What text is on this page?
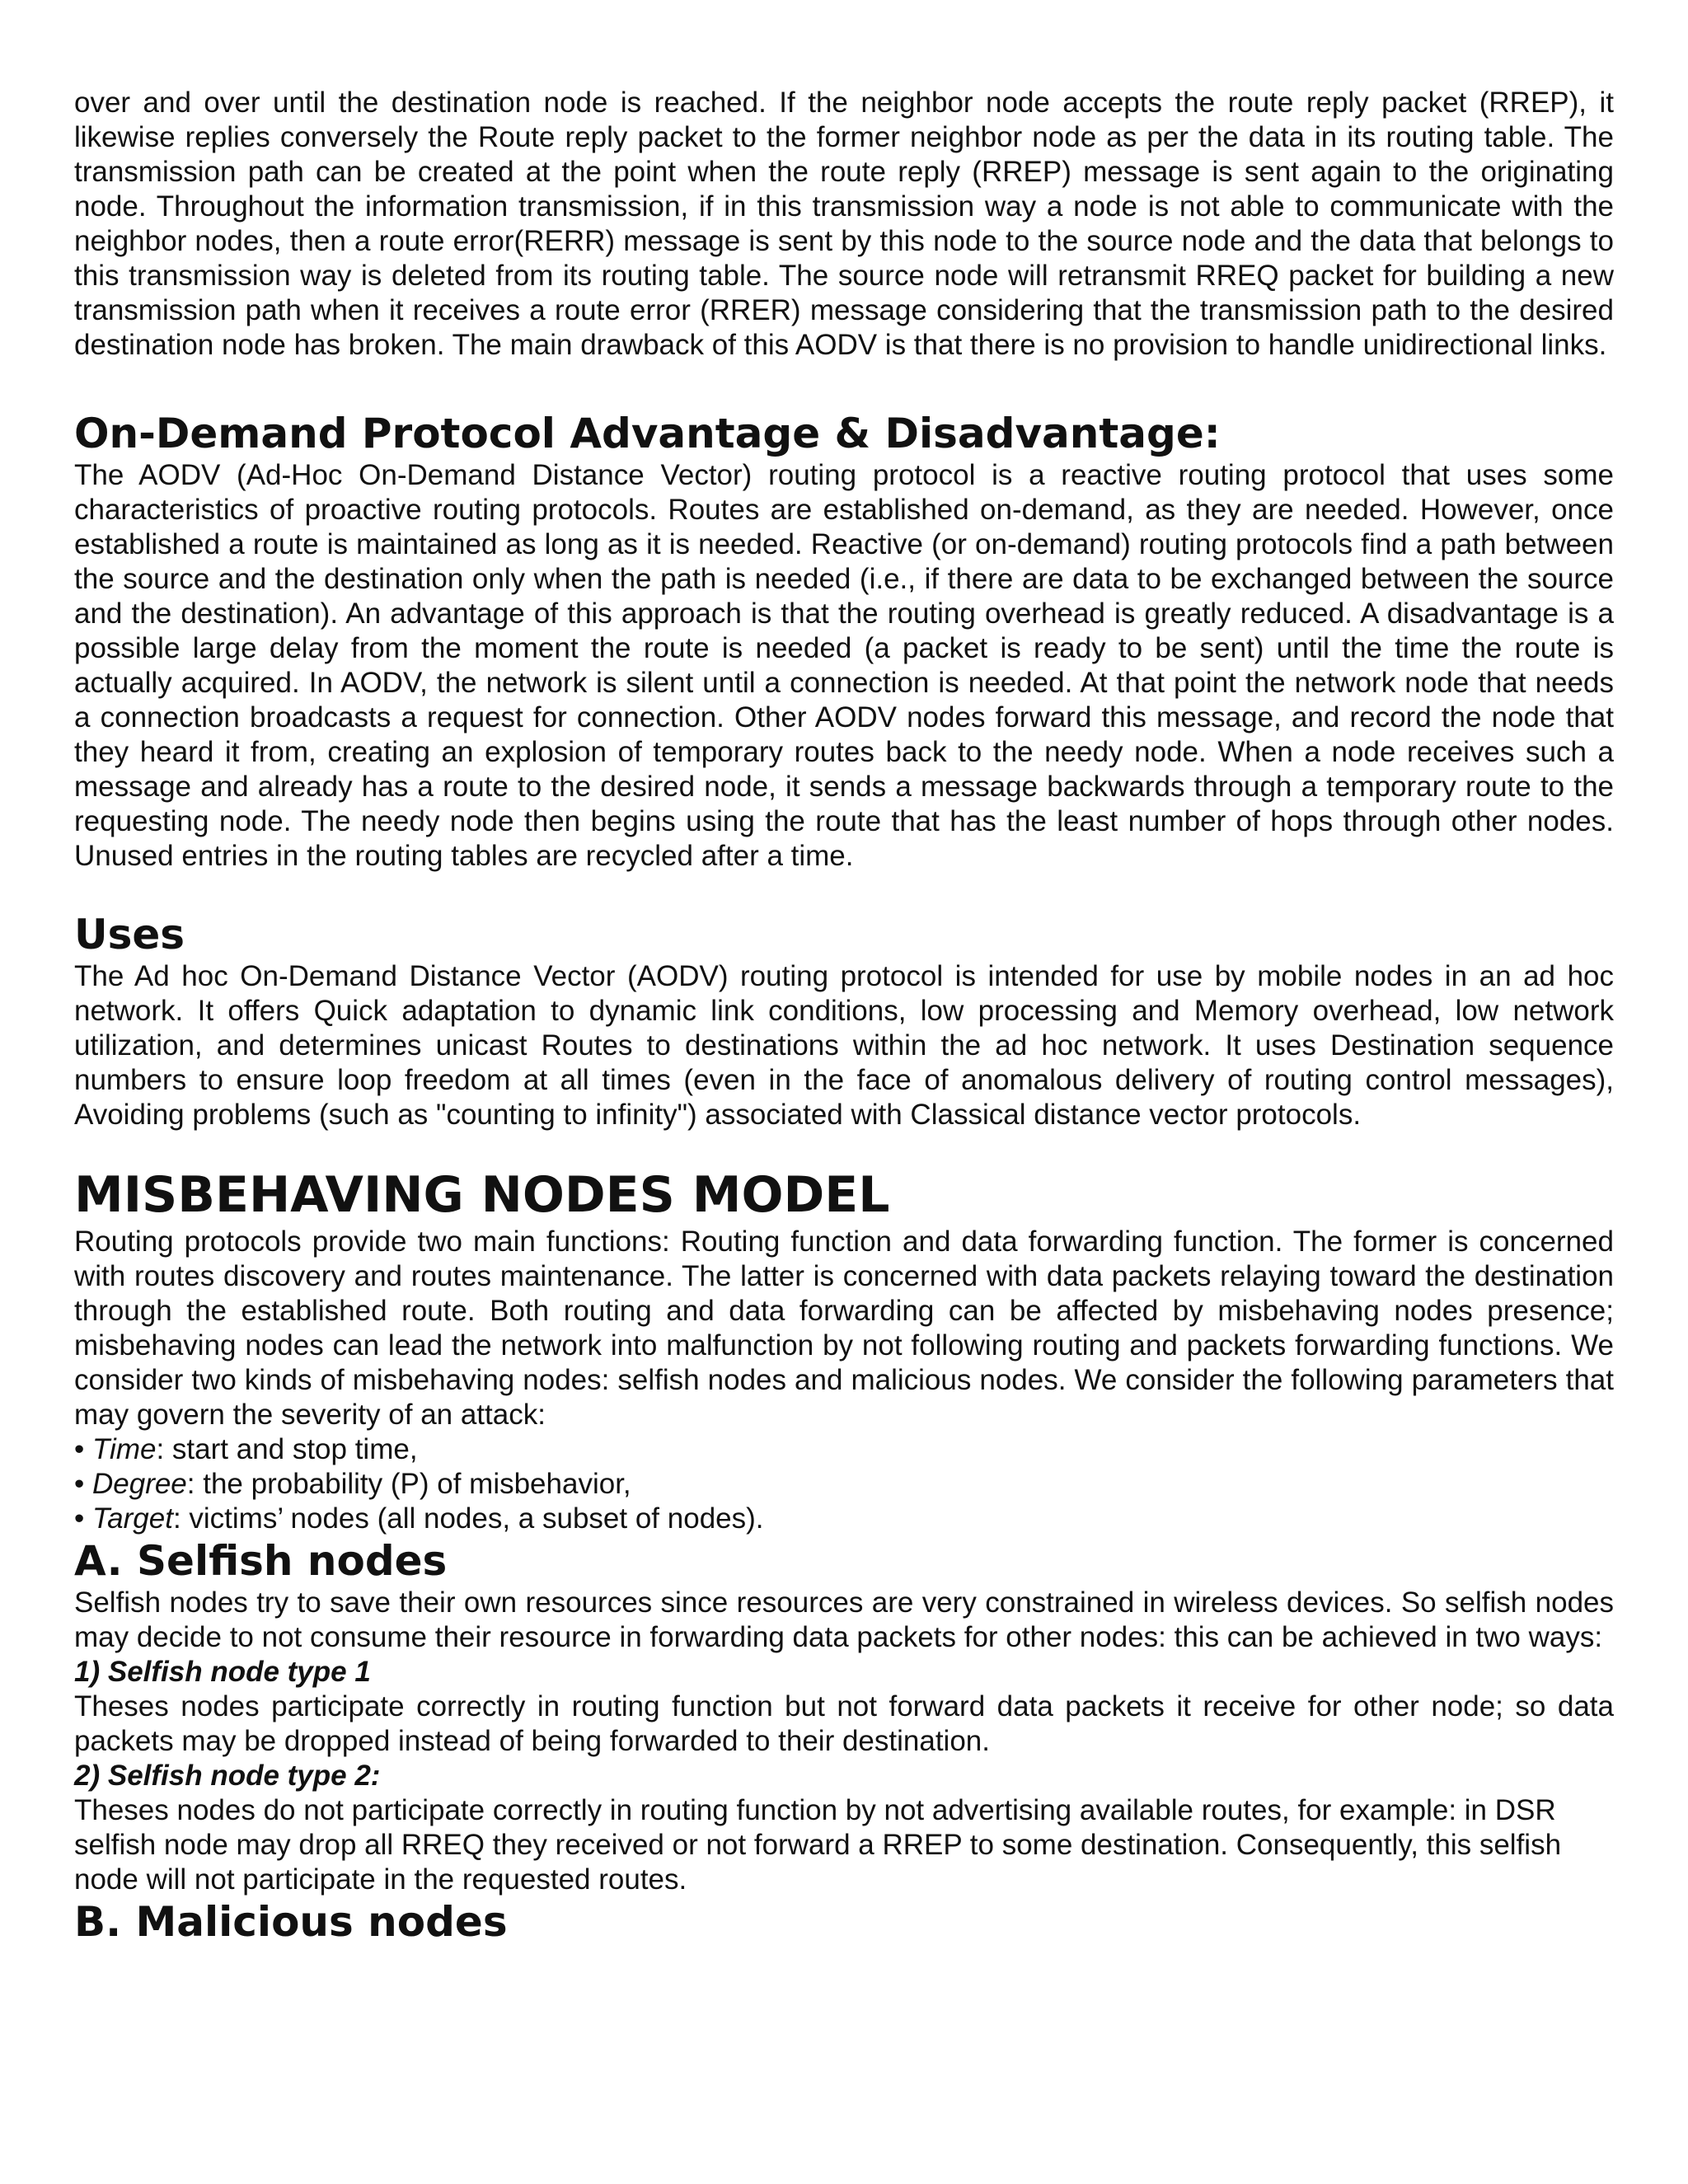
over and over until the destination node is reached. If the neighbor node accepts the route reply packet (RREP), it likewise replies conversely the Route reply packet to the former neighbor node as per the data in its routing table. The transmission path can be created at the point when the route reply (RREP) message is sent again to the originating node. Throughout the information transmission, if in this transmission way a node is not able to communicate with the neighbor nodes, then a route error(RERR) message is sent by this node to the source node and the data that belongs to this transmission way is deleted from its routing table. The source node will retransmit RREQ packet for building a new transmission path when it receives a route error (RRER) message considering that the transmission path to the desired destination node has broken. The main drawback of this AODV is that there is no provision to handle unidirectional links.

On-Demand Protocol Advantage & Disadvantage:

The AODV (Ad-Hoc On-Demand Distance Vector) routing protocol is a reactive routing protocol that uses some characteristics of proactive routing protocols. Routes are established on-demand, as they are needed. However, once established a route is maintained as long as it is needed. Reactive (or on-demand) routing protocols find a path between the source and the destination only when the path is needed (i.e., if there are data to be exchanged between the source and the destination). An advantage of this approach is that the routing overhead is greatly reduced. A disadvantage is a possible large delay from the moment the route is needed (a packet is ready to be sent) until the time the route is actually acquired. In AODV, the network is silent until a connection is needed. At that point the network node that needs a connection broadcasts a request for connection. Other AODV nodes forward this message, and record the node that they heard it from, creating an explosion of temporary routes back to the needy node. When a node receives such a message and already has a route to the desired node, it sends a message backwards through a temporary route to the requesting node. The needy node then begins using the route that has the least number of hops through other nodes. Unused entries in the routing tables are recycled after a time.

Uses

The Ad hoc On-Demand Distance Vector (AODV) routing protocol is intended for use by mobile nodes in an ad hoc network. It offers Quick adaptation to dynamic link conditions, low processing and Memory overhead, low network utilization, and determines unicast Routes to destinations within the ad hoc network. It uses Destination sequence numbers to ensure loop freedom at all times (even in the face of anomalous delivery of routing control messages), Avoiding problems (such as "counting to infinity") associated with Classical distance vector protocols.

MISBEHAVING NODES MODEL

Routing protocols provide two main functions: Routing function and data forwarding function. The former is concerned with routes discovery and routes maintenance. The latter is concerned with data packets relaying toward the destination through the established route. Both routing and data forwarding can be affected by misbehaving nodes presence; misbehaving nodes can lead the network into malfunction by not following routing and packets forwarding functions. We consider two kinds of misbehaving nodes: selfish nodes and malicious nodes. We consider the following parameters that may govern the severity of an attack:

• Time: start and stop time,

• Degree: the probability (P) of misbehavior,

• Target: victims’ nodes (all nodes, a subset of nodes).

A. Selfish nodes

Selfish nodes try to save their own resources since resources are very constrained in wireless devices. So selfish nodes may decide to not consume their resource in forwarding data packets for other nodes: this can be achieved in two ways:

1) Selfish node type 1

Theses nodes participate correctly in routing function but not forward data packets it receive for other node; so data packets may be dropped instead of being forwarded to their destination.

2) Selfish node type 2:

Theses nodes do not participate correctly in routing function by not advertising available routes, for example: in DSR selfish node may drop all RREQ they received or not forward a RREP to some destination. Consequently, this selfish node will not participate in the requested routes.

B. Malicious nodes
